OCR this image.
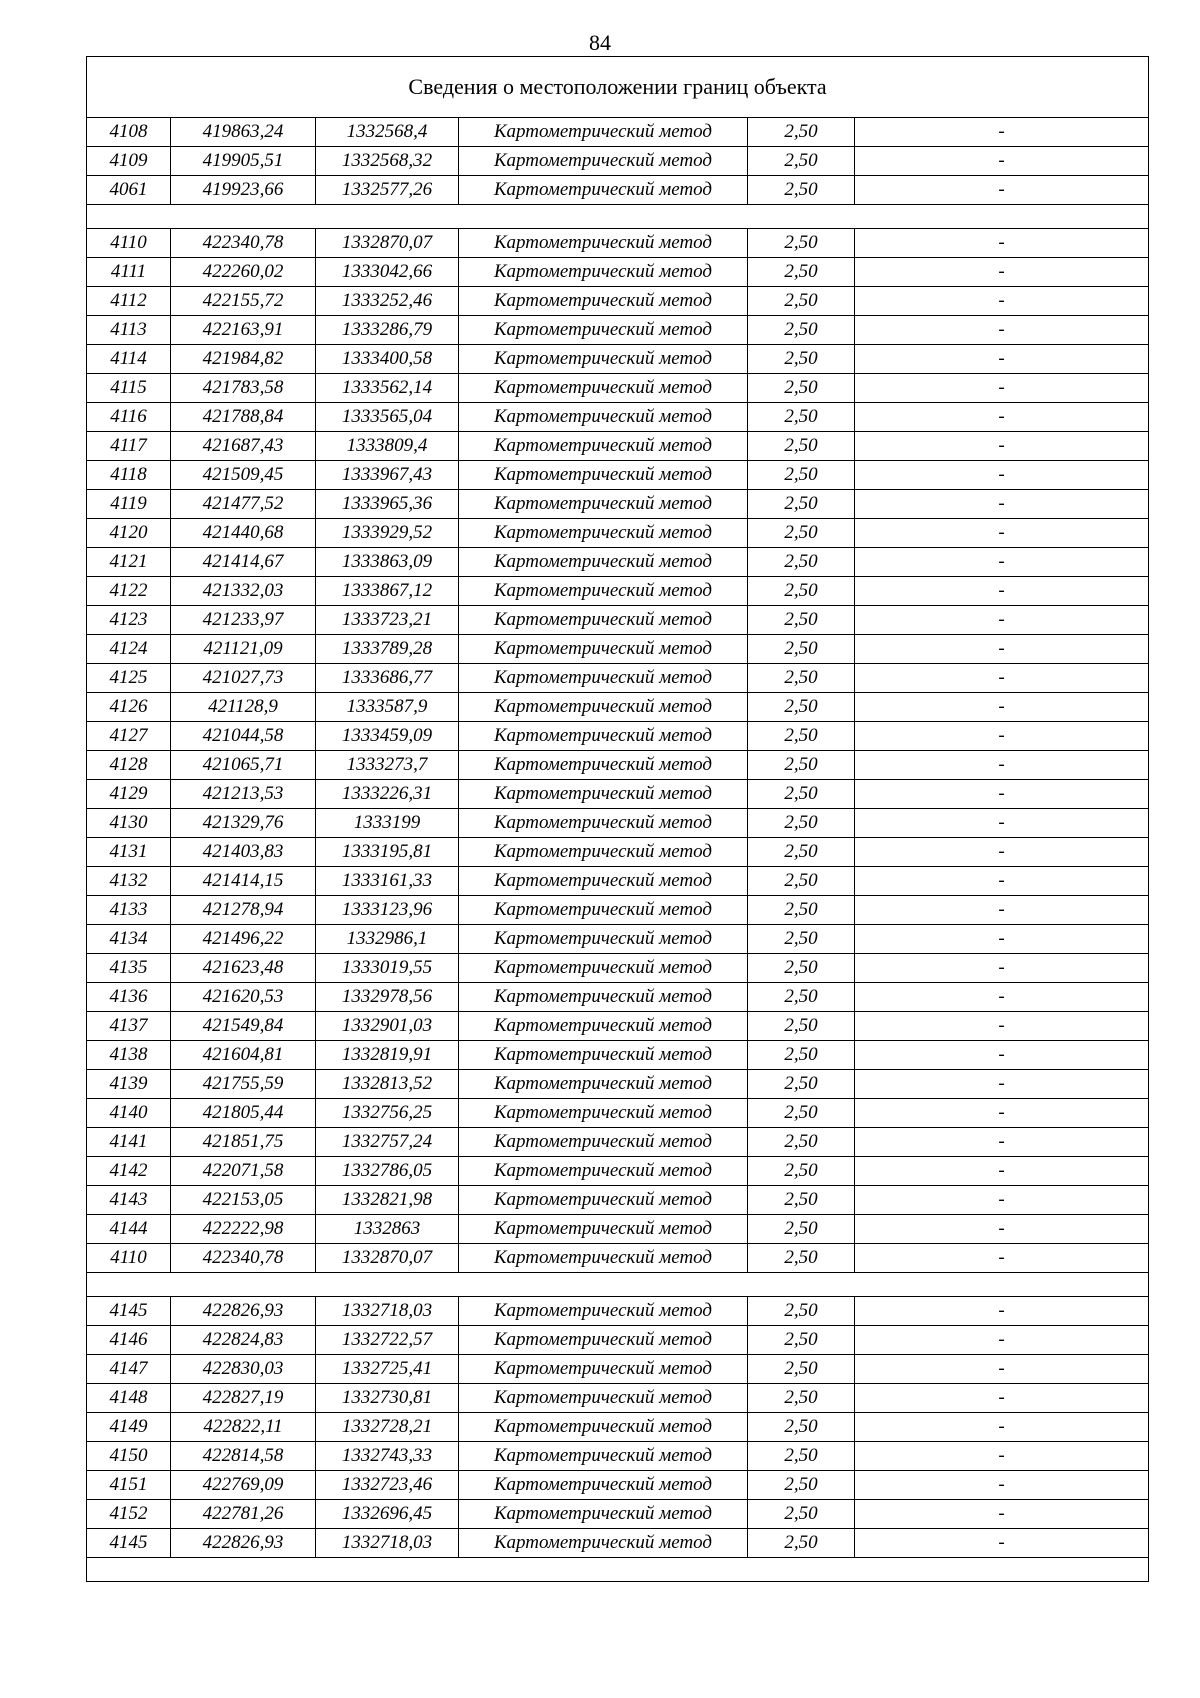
84
Сведения о местоположении границ объекта					
4108	419863,24	1332568,4	Картометрический метод	2,50	-
4109	419905,51	1332568,32	Картометрический метод	2,50	-
4061	419923,66	1332577,26	Картометрический метод	2,50	-

4110	422340,78	1332870,07	Картометрический метод	2,50	-
4111	422260,02	1333042,66	Картометрический метод	2,50	-
4112	422155,72	1333252,46	Картометрический метод	2,50	-
4113	422163,91	1333286,79	Картометрический метод	2,50	-
4114	421984,82	1333400,58	Картометрический метод	2,50	-
4115	421783,58	1333562,14	Картометрический метод	2,50	-
4116	421788,84	1333565,04	Картометрический метод	2,50	-
4117	421687,43	1333809,4	Картометрический метод	2,50	-
4118	421509,45	1333967,43	Картометрический метод	2,50	-
4119	421477,52	1333965,36	Картометрический метод	2,50	-
4120	421440,68	1333929,52	Картометрический метод	2,50	-
4121	421414,67	1333863,09	Картометрический метод	2,50	-
4122	421332,03	1333867,12	Картометрический метод	2,50	-
4123	421233,97	1333723,21	Картометрический метод	2,50	-
4124	421121,09	1333789,28	Картометрический метод	2,50	-
4125	421027,73	1333686,77	Картометрический метод	2,50	-
4126	421128,9	1333587,9	Картометрический метод	2,50	-
4127	421044,58	1333459,09	Картометрический метод	2,50	-
4128	421065,71	1333273,7	Картометрический метод	2,50	-
4129	421213,53	1333226,31	Картометрический метод	2,50	-
4130	421329,76	1333199	Картометрический метод	2,50	-
4131	421403,83	1333195,81	Картометрический метод	2,50	-
4132	421414,15	1333161,33	Картометрический метод	2,50	-
4133	421278,94	1333123,96	Картометрический метод	2,50	-
4134	421496,22	1332986,1	Картометрический метод	2,50	-
4135	421623,48	1333019,55	Картометрический метод	2,50	-
4136	421620,53	1332978,56	Картометрический метод	2,50	-
4137	421549,84	1332901,03	Картометрический метод	2,50	-
4138	421604,81	1332819,91	Картометрический метод	2,50	-
4139	421755,59	1332813,52	Картометрический метод	2,50	-
4140	421805,44	1332756,25	Картометрический метод	2,50	-
4141	421851,75	1332757,24	Картометрический метод	2,50	-
4142	422071,58	1332786,05	Картометрический метод	2,50	-
4143	422153,05	1332821,98	Картометрический метод	2,50	-
4144	422222,98	1332863	Картометрический метод	2,50	-
4110	422340,78	1332870,07	Картометрический метод	2,50	-

4145	422826,93	1332718,03	Картометрический метод	2,50	-
4146	422824,83	1332722,57	Картометрический метод	2,50	-
4147	422830,03	1332725,41	Картометрический метод	2,50	-
4148	422827,19	1332730,81	Картометрический метод	2,50	-
4149	422822,11	1332728,21	Картометрический метод	2,50	-
4150	422814,58	1332743,33	Картометрический метод	2,50	-
4151	422769,09	1332723,46	Картометрический метод	2,50	-
4152	422781,26	1332696,45	Картометрический метод	2,50	-
4145	422826,93	1332718,03	Картометрический метод	2,50	-
